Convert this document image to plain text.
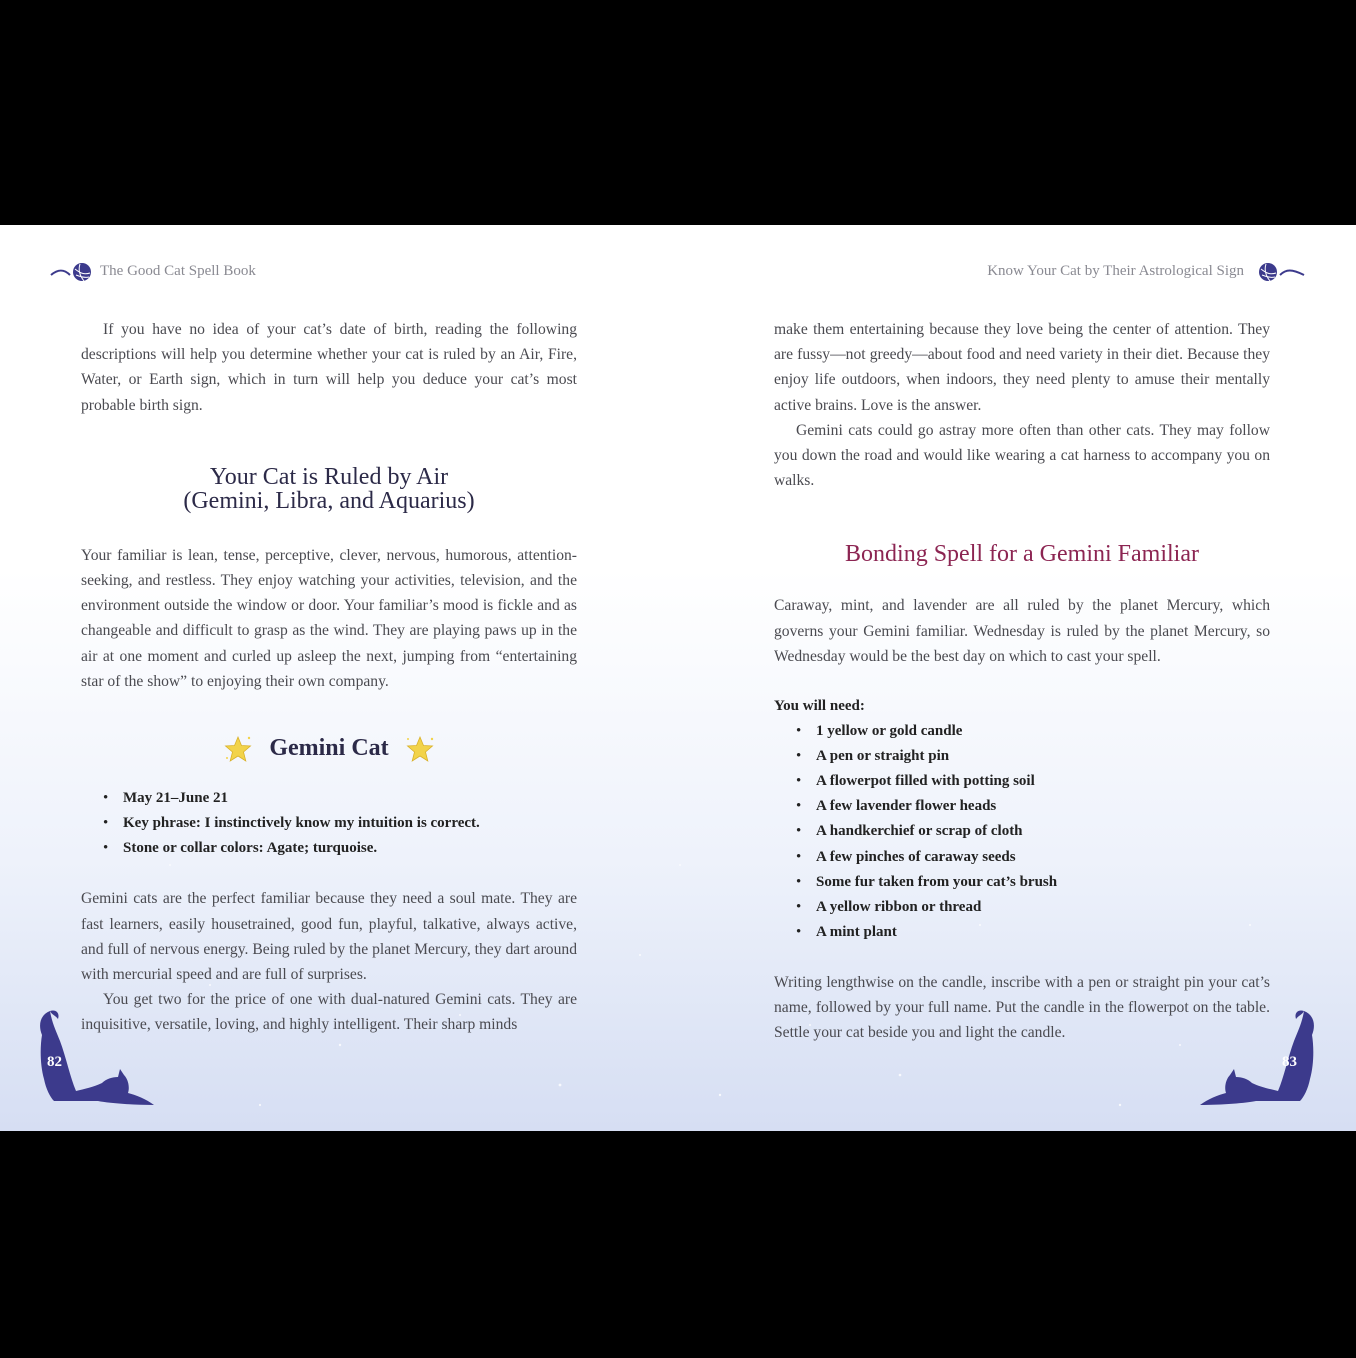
The Good Cat Spell Book	Know Your Cat by Their Astrological Sign

If you have no idea of your cat’s date of birth, reading the following descriptions will help you determine whether your cat is ruled by an Air, Fire, Water, or Earth sign, which in turn will help you deduce your cat’s most probable birth sign.

Your Cat is Ruled by Air
(Gemini, Libra, and Aquarius)

Your familiar is lean, tense, perceptive, clever, nervous, humorous, attention-seeking, and restless. They enjoy watching your activities, television, and the environment outside the window or door. Your familiar’s mood is fickle and as changeable and difficult to grasp as the wind. They are playing paws up in the air at one moment and curled up asleep the next, jumping from “entertaining star of the show” to enjoying their own company.

Gemini Cat
• May 21–June 21
• Key phrase: I instinctively know my intuition is correct.
• Stone or collar colors: Agate; turquoise.

Gemini cats are the perfect familiar because they need a soul mate. They are fast learners, easily housetrained, good fun, playful, talkative, always active, and full of nervous energy. Being ruled by the planet Mercury, they dart around with mercurial speed and are full of surprises.

You get two for the price of one with dual-natured Gemini cats. They are inquisitive, versatile, loving, and highly intelligent. Their sharp minds

make them entertaining because they love being the center of attention. They are fussy—not greedy—about food and need variety in their diet. Because they enjoy life outdoors, when indoors, they need plenty to amuse their mentally active brains. Love is the answer.

Gemini cats could go astray more often than other cats. They may follow you down the road and would like wearing a cat harness to accompany you on walks.

Bonding Spell for a Gemini Familiar

Caraway, mint, and lavender are all ruled by the planet Mercury, which governs your Gemini familiar. Wednesday is ruled by the planet Mercury, so Wednesday would be the best day on which to cast your spell.

You will need:
• 1 yellow or gold candle
• A pen or straight pin
• A flowerpot filled with potting soil
• A few lavender flower heads
• A handkerchief or scrap of cloth
• A few pinches of caraway seeds
• Some fur taken from your cat’s brush
• A yellow ribbon or thread
• A mint plant

Writing lengthwise on the candle, inscribe with a pen or straight pin your cat’s name, followed by your full name. Put the candle in the flowerpot on the table. Settle your cat beside you and light the candle.

82	83
